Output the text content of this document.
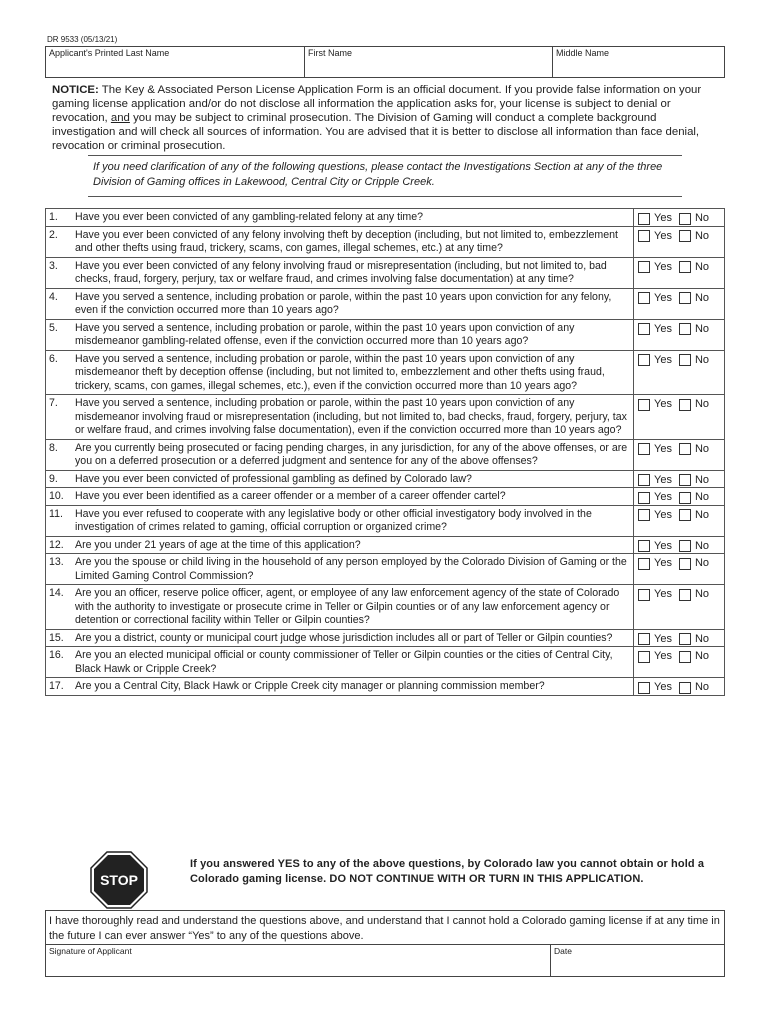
DR 9533 (05/13/21)
Applicant's Printed Last Name	First Name	Middle Name
NOTICE: The Key & Associated Person License Application Form is an official document. If you provide false information on your gaming license application and/or do not disclose all information the application asks for, your license is subject to denial or revocation, and you may be subject to criminal prosecution. The Division of Gaming will conduct a complete background investigation and will check all sources of information. You are advised that it is better to disclose all information than face denial, revocation or criminal prosecution.
If you need clarification of any of the following questions, please contact the Investigations Section at any of the three Division of Gaming offices in Lakewood, Central City or Cripple Creek.
1. Have you ever been convicted of any gambling-related felony at any time?	Yes No

2. Have you ever been convicted of any felony involving theft by deception (including, but not limited to, embezzlement and other thefts using fraud, trickery, scams, con games, illegal schemes, etc.) at any time?	Yes No

3. Have you ever been convicted of any felony involving fraud or misrepresentation (including, but not limited to, bad checks, fraud, forgery, perjury, tax or welfare fraud, and crimes involving false documentation) at any time?	Yes No

4. Have you served a sentence, including probation or parole, within the past 10 years upon conviction for any felony, even if the conviction occurred more than 10 years ago?	Yes No

5. Have you served a sentence, including probation or parole, within the past 10 years upon conviction of any misdemeanor gambling-related offense, even if the conviction occurred more than 10 years ago?	Yes No

6. Have you served a sentence, including probation or parole, within the past 10 years upon conviction of any misdemeanor theft by deception offense (including, but not limited to, embezzlement and other thefts using fraud, trickery, scams, con games, illegal schemes, etc.), even if the conviction occurred more than 10 years ago?	Yes No

7. Have you served a sentence, including probation or parole, within the past 10 years upon conviction of any misdemeanor involving fraud or misrepresentation (including, but not limited to, bad checks, fraud, forgery, perjury, tax or welfare fraud, and crimes involving false documentation), even if the conviction occurred more than 10 years ago?	Yes No

8. Are you currently being prosecuted or facing pending charges, in any jurisdiction, for any of the above offenses, or are you on a deferred prosecution or a deferred judgment and sentence for any of the above offenses?	Yes No

9. Have you ever been convicted of professional gambling as defined by Colorado law?	Yes No

10. Have you ever been identified as a career offender or a member of a career offender cartel?	Yes No

11. Have you ever refused to cooperate with any legislative body or other official investigatory body involved in the investigation of crimes related to gaming, official corruption or organized crime?	Yes No

12. Are you under 21 years of age at the time of this application?	Yes No

13. Are you the spouse or child living in the household of any person employed by the Colorado Division of Gaming or the Limited Gaming Control Commission?	Yes No

14. Are you an officer, reserve police officer, agent, or employee of any law enforcement agency of the state of Colorado with the authority to investigate or prosecute crime in Teller or Gilpin counties or of any law enforcement agency or detention or correctional facility within Teller or Gilpin counties?	Yes No

15. Are you a district, county or municipal court judge whose jurisdiction includes all or part of Teller or Gilpin counties?	Yes No

16. Are you an elected municipal official or county commissioner of Teller or Gilpin counties or the cities of Central City, Black Hawk or Cripple Creek?	Yes No

17. Are you a Central City, Black Hawk or Cripple Creek city manager or planning commission member?	Yes No
STOP
If you answered YES to any of the above questions, by Colorado law you cannot obtain or hold a Colorado gaming license. DO NOT CONTINUE WITH OR TURN IN THIS APPLICATION.
I have thoroughly read and understand the questions above, and understand that I cannot hold a Colorado gaming license if at any time in the future I can ever answer “Yes” to any of the questions above.
Signature of Applicant	Date
